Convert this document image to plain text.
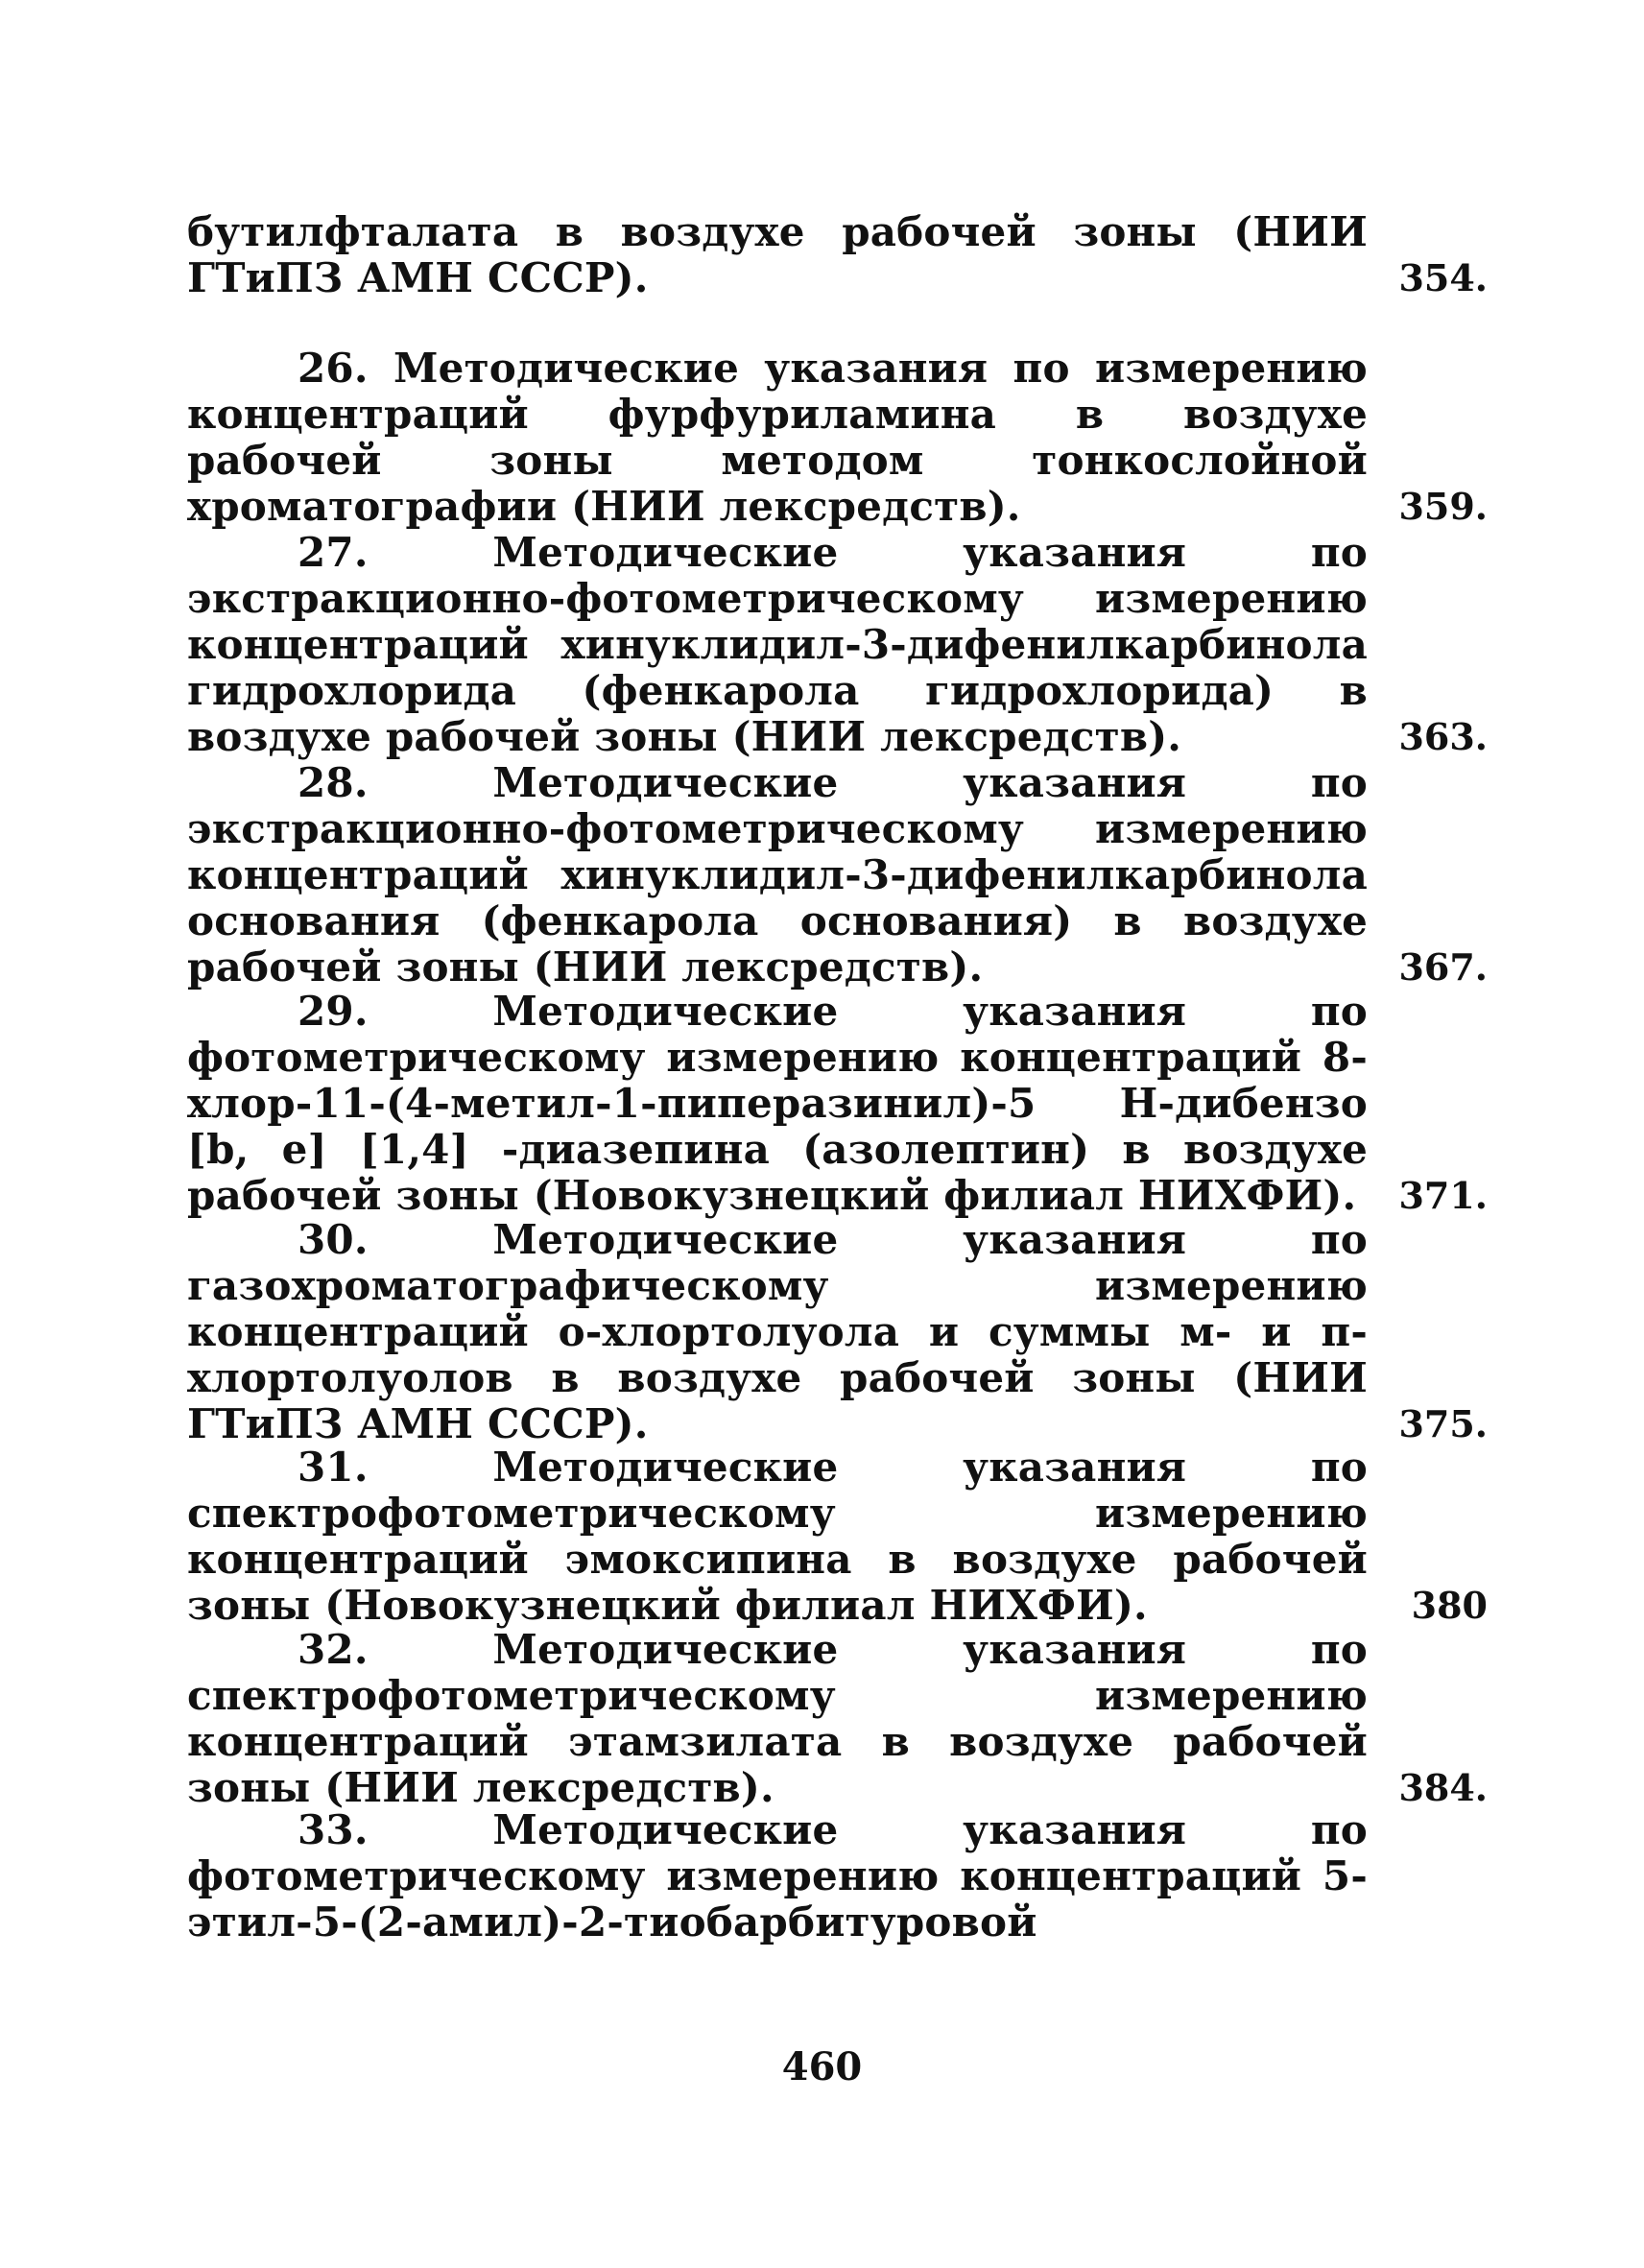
бутилфталата в воздухе рабочей зоны (НИИ ГТиПЗ АМН СССР).	354.
26. Методические указания по измерению концентраций фурфуриламина в воздухе рабочей зоны методом тонкослойной хроматографии (НИИ лексредств).	359.
27. Методические указания по экстракционно-фотометрическому измерению концентраций хинуклидил-3-дифенилкарбинола гидрохлорида (фенкарола гидрохлорида) в воздухе рабочей зоны (НИИ лексредств).	363.
28. Методические указания по экстракционно-фотометрическому измерению концентраций хинуклидил-3-дифенилкарбинола основания (фенкарола основания) в воздухе рабочей зоны (НИИ лексредств).	367.
29. Методические указания по фотометрическому измерению концентраций 8-хлор-11-(4-метил-1-пиперазинил)-5 Н-дибензо [b, e] [1,4] -диазепина (азолептин) в воздухе рабочей зоны (Новокузнецкий филиал НИХФИ).	371.
30. Методические указания по газохроматографическому измерению концентраций о-хлортолуола и суммы м- и п-хлортолуолов в воздухе рабочей зоны (НИИ ГТиПЗ АМН СССР).	375.
31. Методические указания по спектрофотометрическому измерению концентраций эмоксипина в воздухе рабочей зоны (Новокузнецкий филиал НИХФИ).	380
32. Методические указания по спектрофотометрическому измерению концентраций этамзилата в воздухе рабочей зоны (НИИ лексредств).	384.
33. Методические указания по фотометрическому измерению концентраций 5-этил-5-(2-амил)-2-тиобарбитуровой
460
